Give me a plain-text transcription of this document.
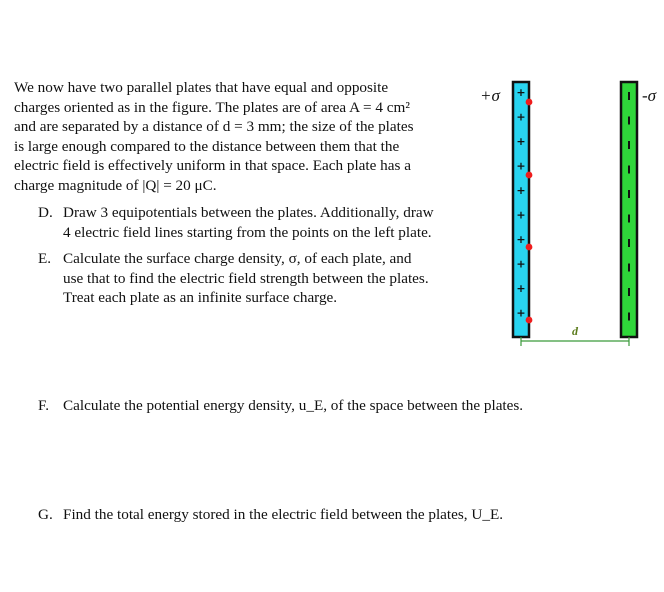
We now have two parallel plates that have equal and opposite
charges oriented as in the figure. The plates are of area A = 4 cm²
and are separated by a distance of d = 3 mm; the size of the plates
is large enough compared to the distance between them that the
electric field is effectively uniform in that space. Each plate has a
charge magnitude of |Q| = 20 μC.
D. Draw 3 equipotentials between the plates. Additionally, draw
4 electric field lines starting from the points on the left plate.
E. Calculate the surface charge density, σ, of each plate, and
use that to find the electric field strength between the plates.
Treat each plate as an infinite surface charge.
F. Calculate the potential energy density, u_E, of the space between the plates.
G. Find the total energy stored in the electric field between the plates, U_E.
+
+
+
+
+
+
+
+
+
+
+σ	-σ
d
